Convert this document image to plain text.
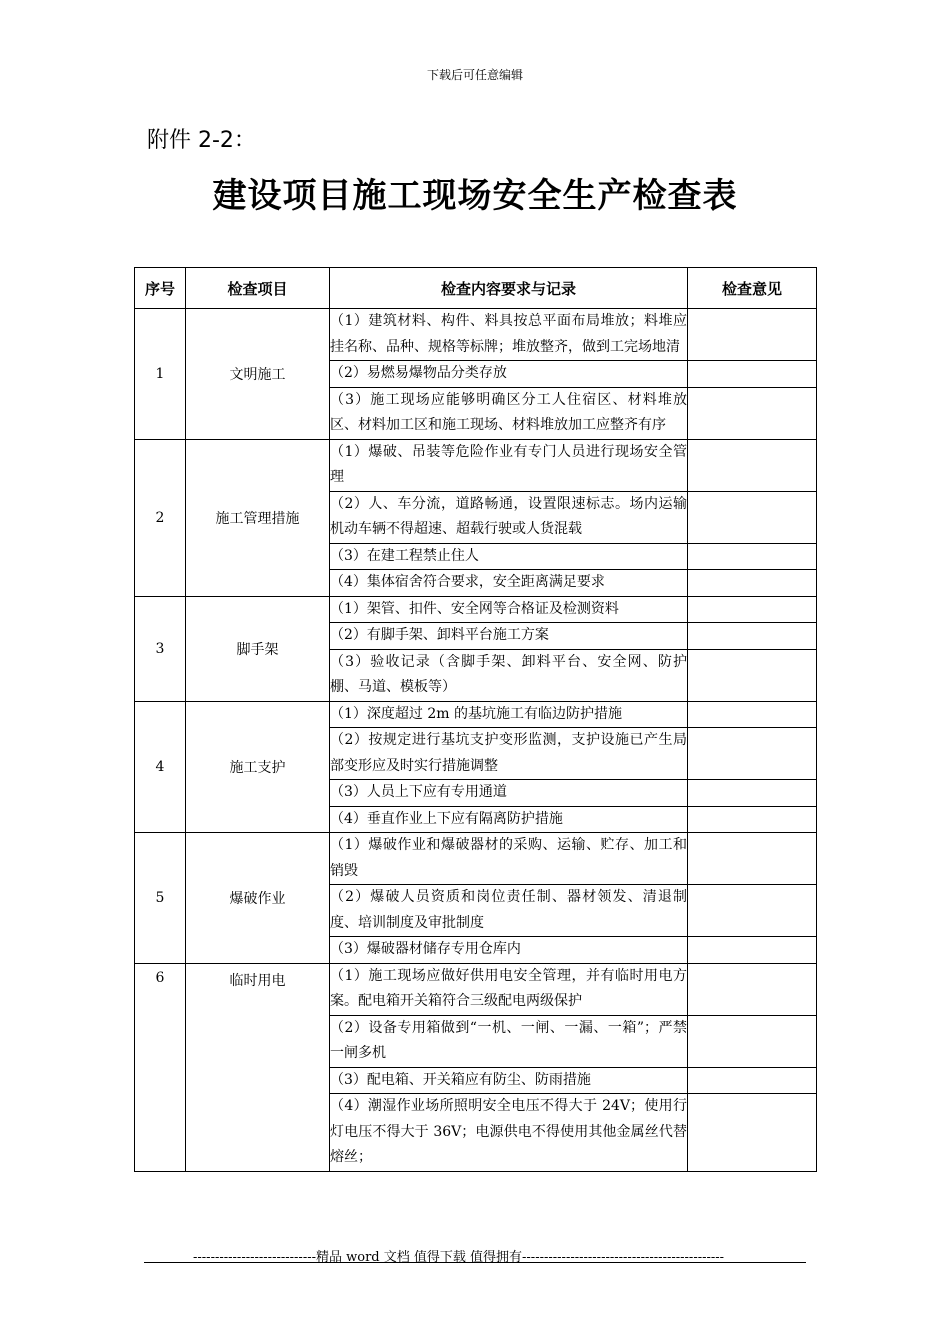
下载后可任意编辑
附件 2-2：
建设项目施工现场安全生产检查表
序号	检查项目	检查内容要求与记录	检查意见
1	文明施工	（1）建筑材料、构件、料具按总平面布局堆放；料堆应挂名称、品种、规格等标牌；堆放整齐，做到工完场地清	
		（2）易燃易爆物品分类存放	
		（3）施工现场应能够明确区分工人住宿区、材料堆放区、材料加工区和施工现场、材料堆放加工应整齐有序	
2	施工管理措施	（1）爆破、吊装等危险作业有专门人员进行现场安全管理	
		（2）人、车分流，道路畅通，设置限速标志。场内运输机动车辆不得超速、超载行驶或人货混载	
		（3）在建工程禁止住人	
		（4）集体宿舍符合要求，安全距离满足要求	
3	脚手架	（1）架管、扣件、安全网等合格证及检测资料	
		（2）有脚手架、卸料平台施工方案	
		（3）验收记录（含脚手架、卸料平台、安全网、防护棚、马道、模板等）	
4	施工支护	（1）深度超过 2m 的基坑施工有临边防护措施	
		（2）按规定进行基坑支护变形监测，支护设施已产生局部变形应及时实行措施调整	
		（3）人员上下应有专用通道	
		（4）垂直作业上下应有隔离防护措施	
5	爆破作业	（1）爆破作业和爆破器材的采购、运输、贮存、加工和销毁	
		（2）爆破人员资质和岗位责任制、器材领发、清退制度、培训制度及审批制度	
		（3）爆破器材储存专用仓库内	
6	临时用电	（1）施工现场应做好供用电安全管理，并有临时用电方案。配电箱开关箱符合三级配电两级保护	
		（2）设备专用箱做到“一机、一闸、一漏、一箱”；严禁一闸多机	
		（3）配电箱、开关箱应有防尘、防雨措施	
		（4）潮湿作业场所照明安全电压不得大于 24V；使用行灯电压不得大于 36V；电源供电不得使用其他金属丝代替熔丝；	
----------------------------精品 word 文档 值得下载 值得拥有----------------------------------------------
